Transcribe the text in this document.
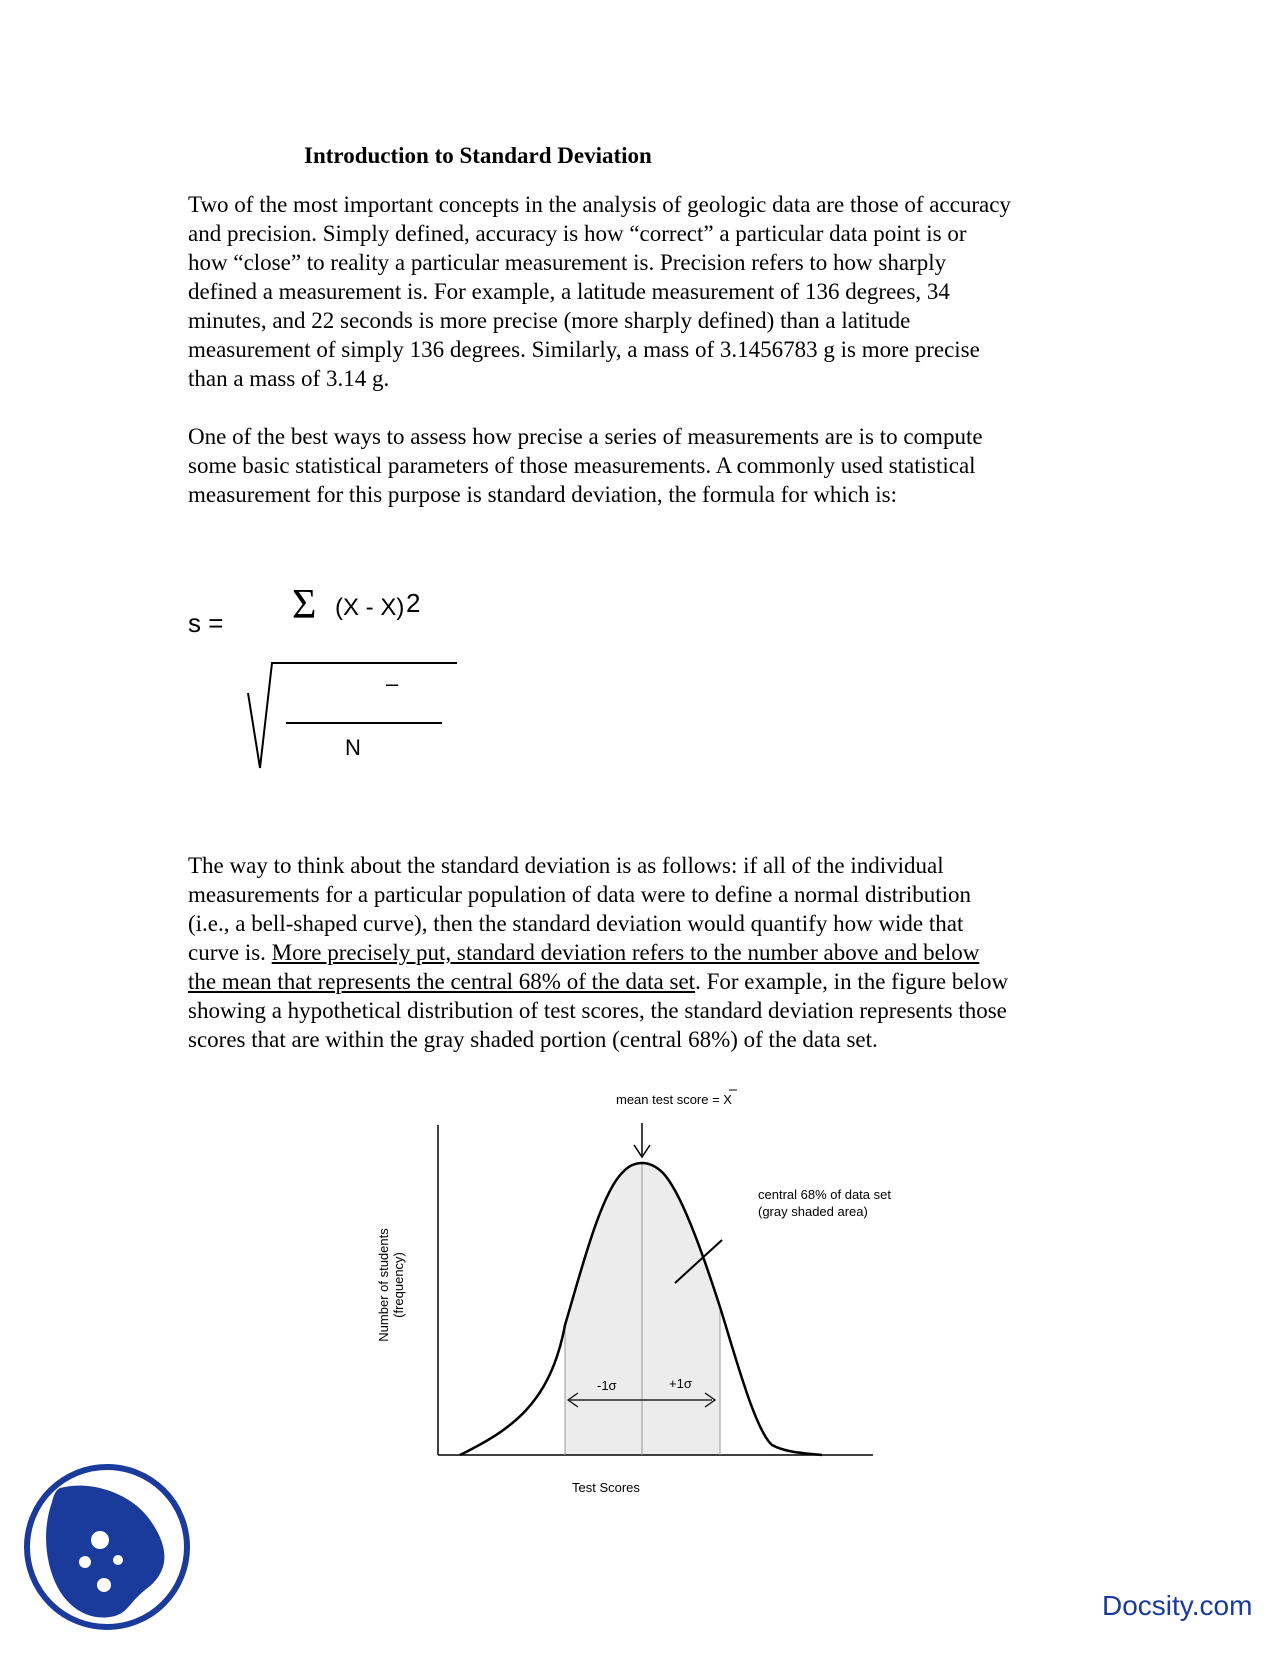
Introduction to Standard Deviation

Two of the most important concepts in the analysis of geologic data are those of accuracy
and precision. Simply defined, accuracy is how “correct” a particular data point is or
how “close” to reality a particular measurement is. Precision refers to how sharply
defined a measurement is. For example, a latitude measurement of 136 degrees, 34
minutes, and 22 seconds is more precise (more sharply defined) than a latitude
measurement of simply 136 degrees. Similarly, a mass of 3.1456783 g is more precise
than a mass of 3.14 g.

One of the best ways to assess how precise a series of measurements are is to compute
some basic statistical parameters of those measurements. A commonly used statistical
measurement for this purpose is standard deviation, the formula for which is:

s = Σ (X - X) 2
–
N

The way to think about the standard deviation is as follows: if all of the individual
measurements for a particular population of data were to define a normal distribution
(i.e., a bell-shaped curve), then the standard deviation would quantify how wide that
curve is. More precisely put, standard deviation refers to the number above and below
the mean that represents the central 68% of the data set. For example, in the figure below
showing a hypothetical distribution of test scores, the standard deviation represents those
scores that are within the gray shaded portion (central 68%) of the data set.

mean test score = X
central 68% of data set
(gray shaded area)
-1σ	+1σ
Number of students (frequency)
Test Scores
Docsity.com
